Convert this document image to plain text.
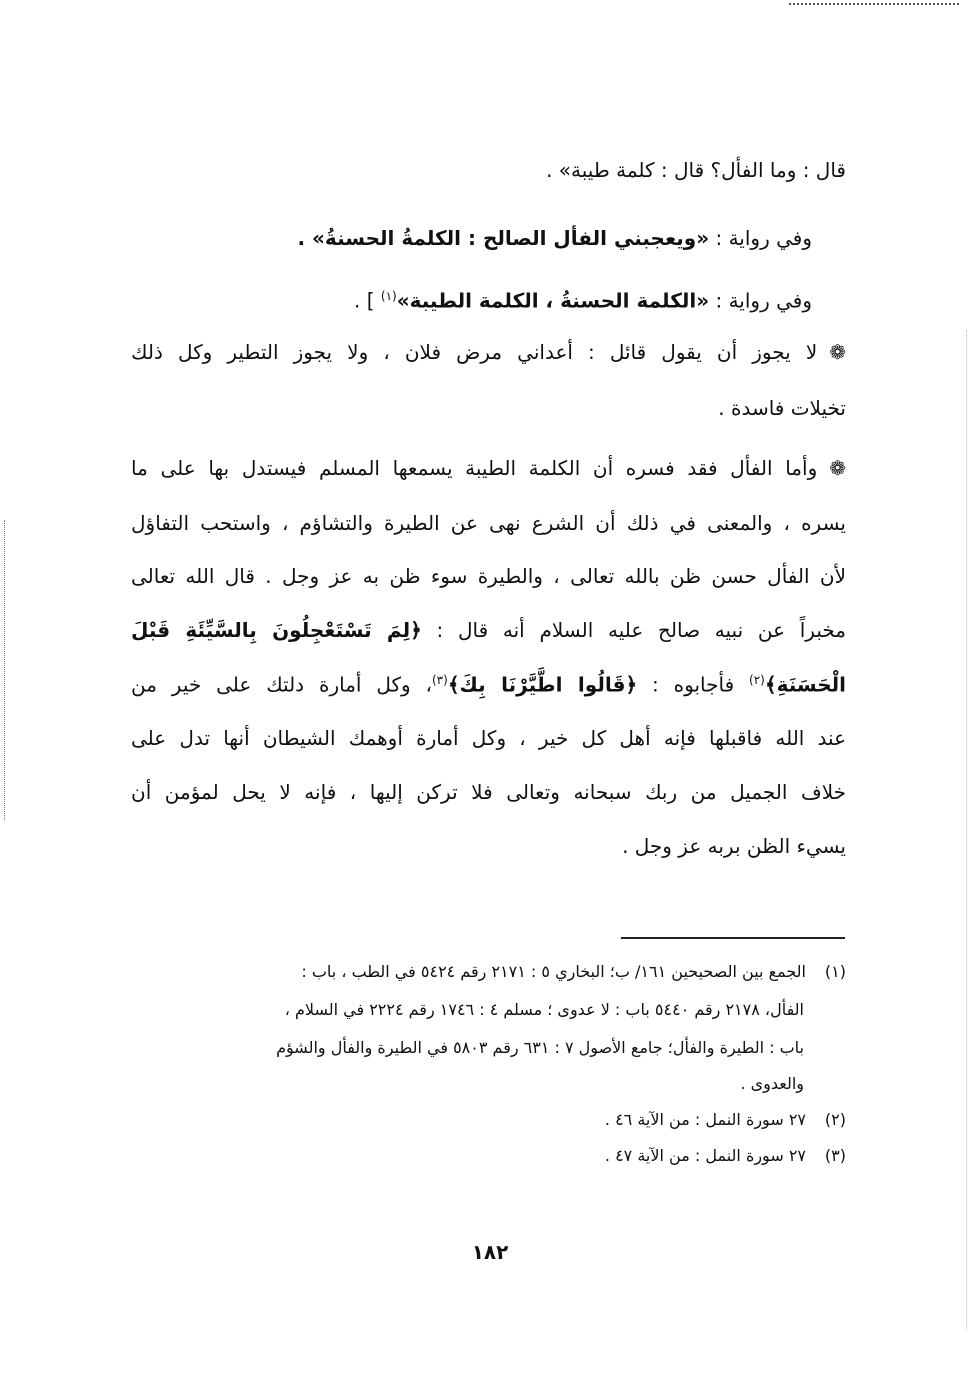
قال : وما الفأل؟ قال : كلمة طيبة» .
وفي رواية : «ويعجبني الفأل الصالح : الكلمةُ الحسنةُ» .
وفي رواية : «الكلمة الحسنةُ ، الكلمة الطيبة»$^{(١)}$ ] .
❁لا يجوز أن يقول قائل : أعداني مرض فلان ، ولا يجوز التطير وكل ذلك
تخيلات فاسدة .
❁وأما الفأل فقد فسره أن الكلمة الطيبة يسمعها المسلم فيستدل بها على ما
يسره ، والمعنى في ذلك أن الشرع نهى عن الطيرة والتشاؤم ، واستحب التفاؤل
لأن الفأل حسن ظن بالله تعالى ، والطيرة سوء ظن به عز وجل . قال الله تعالى
مخبراً عن نبيه صالح عليه السلام أنه قال : ﴿لِمَ تَسْتَعْجِلُونَ بِالسَّيِّئَةِ قَبْلَ
الْحَسَنَةِ﴾$^{(٢)}$ فأجابوه : ﴿قَالُوا اطَّيَّرْنَا بِكَ﴾$^{(٣)}$، وكل أمارة دلتك على خير من
عند الله فاقبلها فإنه أهل كل خير ، وكل أمارة أوهمك الشيطان أنها تدل على
خلاف الجميل من ربك سبحانه وتعالى فلا تركن إليها ، فإنه لا يحل لمؤمن أن
يسيء الظن بربه عز وجل .
(١)الجمع بين الصحيحين ١٦١/ ب؛ البخاري ٥ : ٢١٧١ رقم ٥٤٢٤ في الطب ، باب :
الفأل، ٢١٧٨ رقم ٥٤٤٠ باب : لا عدوى ؛ مسلم ٤ : ١٧٤٦ رقم ٢٢٢٤ في السلام ،
باب : الطيرة والفأل؛ جامع الأصول ٧ : ٦٣١ رقم ٥٨٠٣ في الطيرة والفأل والشؤم
والعدوى .
(٢)٢٧ سورة النمل : من الآية ٤٦ .
(٣)٢٧ سورة النمل : من الآية ٤٧ .
١٨٢
